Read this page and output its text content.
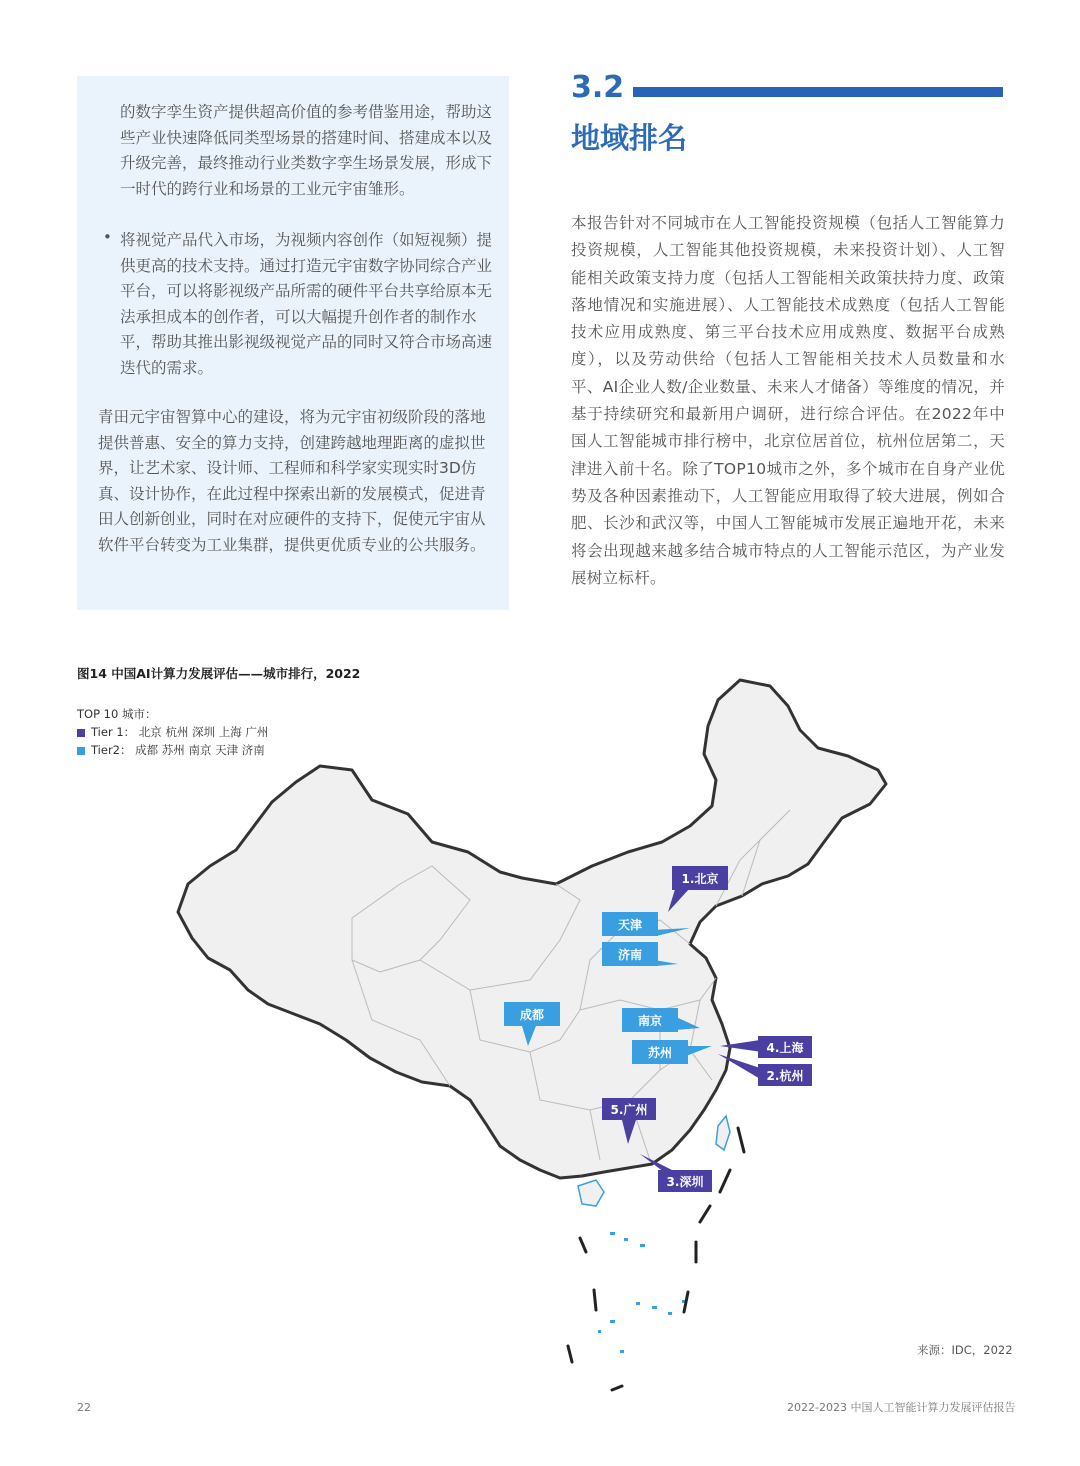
的数字孪生资产提供超高价值的参考借鉴用途，帮助这些产业快速降低同类型场景的搭建时间、搭建成本以及升级完善，最终推动行业类数字孪生场景发展，形成下一时代的跨行业和场景的工业元宇宙雏形。

• 将视觉产品代入市场，为视频内容创作（如短视频）提供更高的技术支持。通过打造元宇宙数字协同综合产业平台，可以将影视级产品所需的硬件平台共享给原本无法承担成本的创作者，可以大幅提升创作者的制作水平，帮助其推出影视级视觉产品的同时又符合市场高速迭代的需求。

青田元宇宙智算中心的建设，将为元宇宙初级阶段的落地提供普惠、安全的算力支持，创建跨越地理距离的虚拟世界，让艺术家、设计师、工程师和科学家实现实时3D仿真、设计协作，在此过程中探索出新的发展模式，促进青田人创新创业，同时在对应硬件的支持下，促使元宇宙从软件平台转变为工业集群，提供更优质专业的公共服务。

3.2
地域排名

本报告针对不同城市在人工智能投资规模（包括人工智能算力投资规模，人工智能其他投资规模，未来投资计划）、人工智能相关政策支持力度（包括人工智能相关政策扶持力度、政策落地情况和实施进展）、人工智能技术成熟度（包括人工智能技术应用成熟度、第三平台技术应用成熟度、数据平台成熟度），以及劳动供给（包括人工智能相关技术人员数量和水平、AI企业人数/企业数量、未来人才储备）等维度的情况，并基于持续研究和最新用户调研，进行综合评估。在2022年中国人工智能城市排行榜中，北京位居首位，杭州位居第二，天津进入前十名。除了TOP10城市之外，多个城市在自身产业优势及各种因素推动下，人工智能应用取得了较大进展，例如合肥、长沙和武汉等，中国人工智能城市发展正遍地开花，未来将会出现越来越多结合城市特点的人工智能示范区，为产业发展树立标杆。

图14 中国AI计算力发展评估——城市排行，2022
TOP 10 城市：
Tier 1： 北京 杭州 深圳 上海 广州
Tier2： 成都 苏州 南京 天津 济南
天津
济南
成都	南京
苏州
1.北京
2.杭州
3.深圳
4.上海
5.广州
来源：IDC，2022
22	2022-2023 中国人工智能计算力发展评估报告
